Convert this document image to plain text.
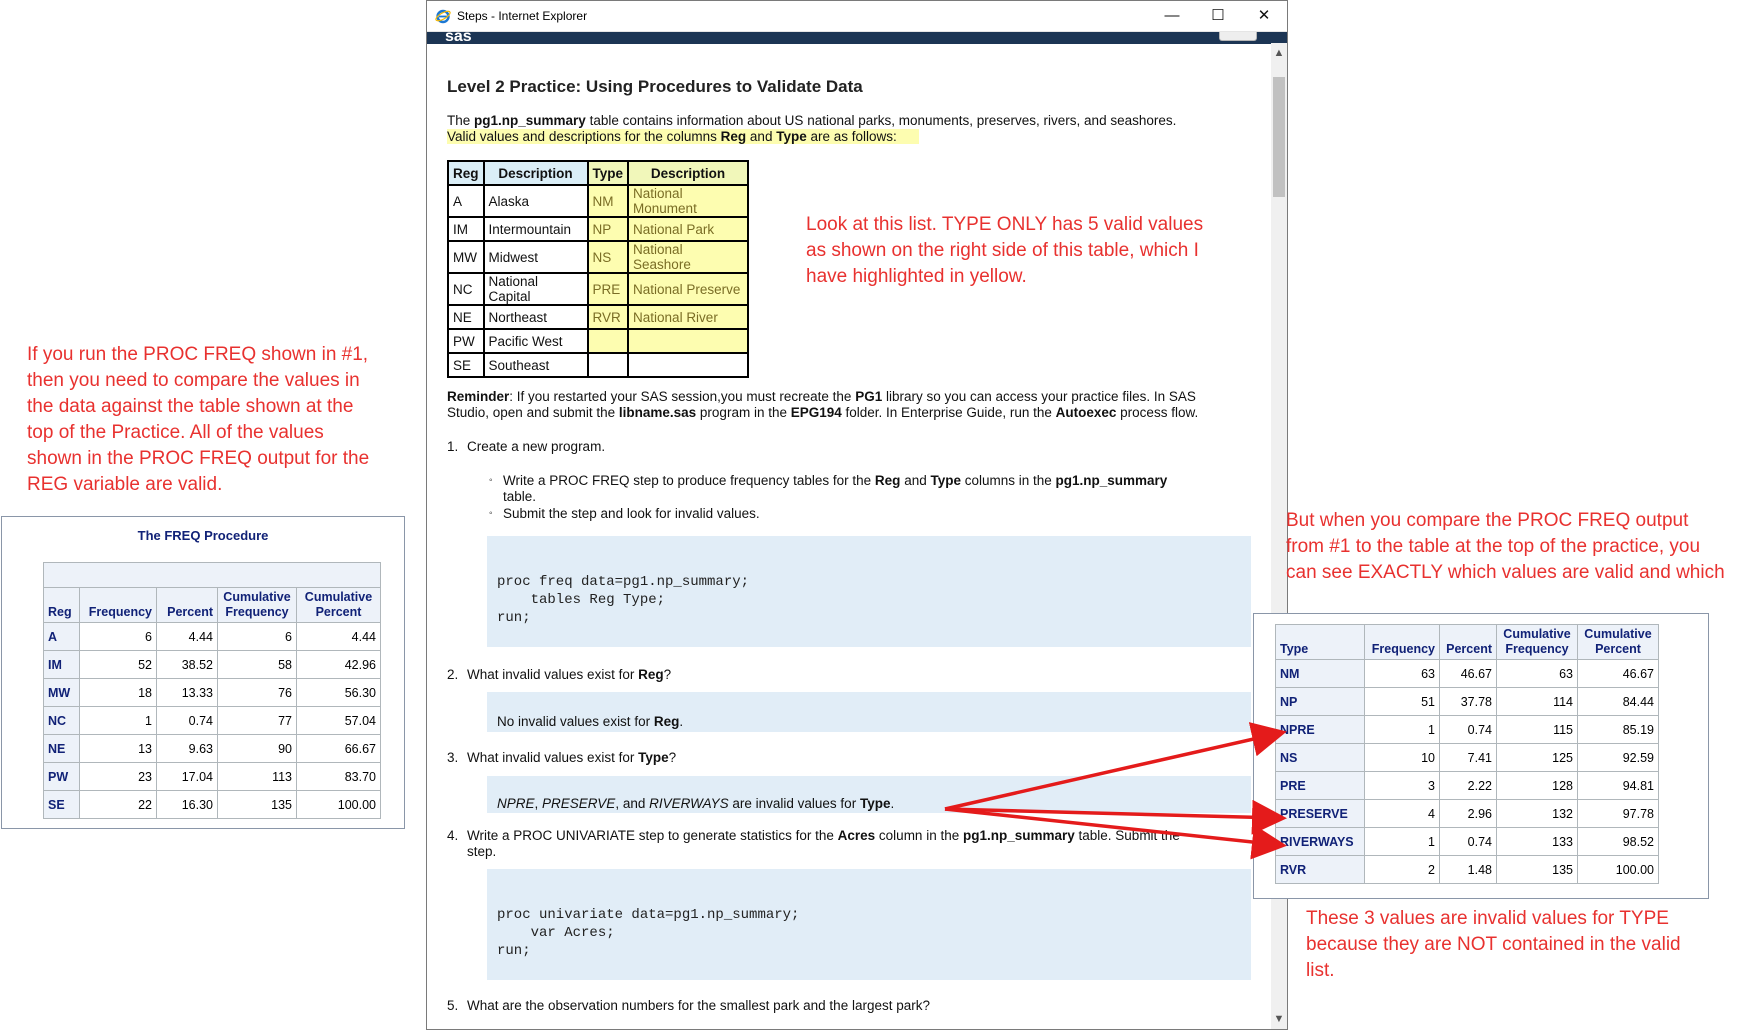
If you run the PROC FREQ shown in #1,

then you need to compare the values in

the data against the table shown at the

top of the Practice. All of the values

shown in the PROC FREQ output for the

REG variable are valid.

The FREQ Procedure

Reg	Frequency	Percent	Cumulative Frequency	Cumulative Percent
A	6	4.44	6	4.44
IM	52	38.52	58	42.96
MW	18	13.33	76	56.30
NC	1	0.74	77	57.04
NE	13	9.63	90	66.67
PW	23	17.04	113	83.70
SE	22	16.30	135	100.00
Steps - Internet Explorer	—	☐	✕
sas
▲
▼
Level 2 Practice: Using Procedures to Validate Data
The pg1.np_summary table contains information about US national parks, monuments, preserves, rivers, and seashores.
Valid values and descriptions for the columns Reg and Type are as follows:
Reg	Description	Type	Description
A	Alaska	NM	National Monument
IM	Intermountain	NP	National Park
MW	Midwest	NS	National Seashore
NC	National Capital	PRE	National Preserve
NE	Northeast	RVR	National River
PW	Pacific West		
SE	Southeast		
Reminder: If you restarted your SAS session,you must recreate the PG1 library so you can access your practice files. In SAS
Studio, open and submit the libname.sas program in the EPG194 folder. In Enterprise Guide, run the Autoexec process flow.
1. Create a new program.
◦ Write a PROC FREQ step to produce frequency tables for the Reg and Type columns in the pg1.np_summary
table.
◦ Submit the step and look for invalid values.
proc freq data=pg1.np_summary;
tables Reg Type;
run;
2. What invalid values exist for Reg?
No invalid values exist for Reg.
3. What invalid values exist for Type?
NPRE, PRESERVE, and RIVERWAYS are invalid values for Type.
4. Write a PROC UNIVARIATE step to generate statistics for the Acres column in the pg1.np_summary table. Submit the
step.
proc univariate data=pg1.np_summary;
var Acres;
run;
5. What are the observation numbers for the smallest park and the largest park?

Look at this list. TYPE ONLY has 5 valid values

as shown on the right side of this table, which I

have highlighted in yellow.

But when you compare the PROC FREQ output

from #1 to the table at the top of the practice, you

can see EXACTLY which values are valid and which

Type	Frequency	Percent	Cumulative Frequency	Cumulative Percent
NM	63	46.67	63	46.67
NP	51	37.78	114	84.44
NPRE	1	0.74	115	85.19
NS	10	7.41	125	92.59
PRE	3	2.22	128	94.81
PRESERVE	4	2.96	132	97.78
RIVERWAYS	1	0.74	133	98.52
RVR	2	1.48	135	100.00

These 3 values are invalid values for TYPE

because they are NOT contained in the valid

list.
